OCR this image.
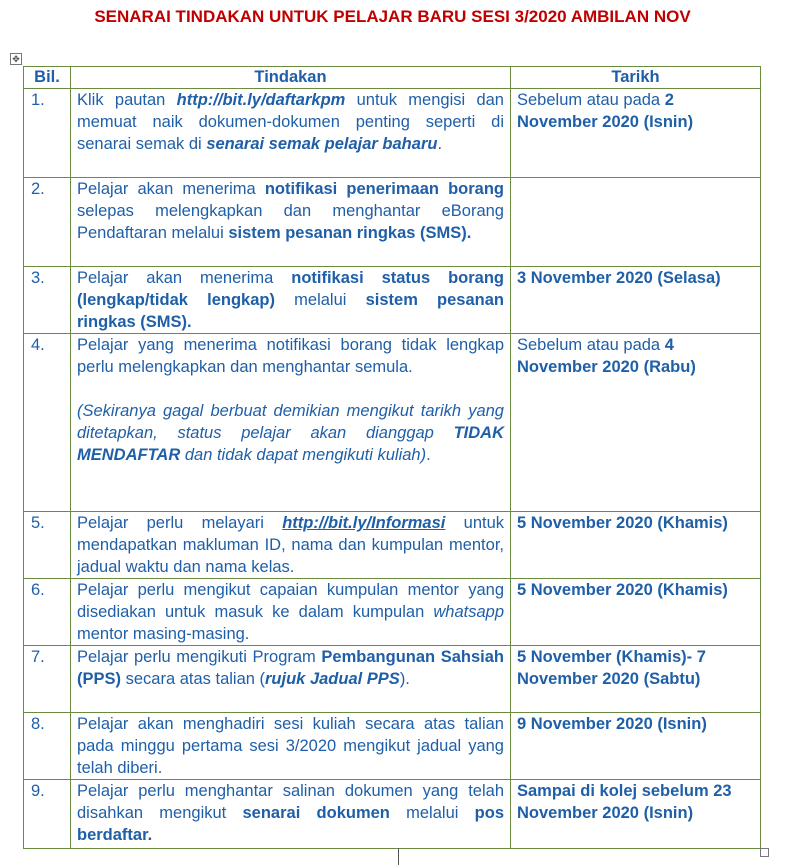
SENARAI TINDAKAN UNTUK PELAJAR BARU SESI 3/2020 AMBILAN NOV
✥
Bil.	Tindakan	Tarikh
1.	Klik pautan http://bit.ly/daftarkpm untuk mengisi dan memuat naik dokumen-dokumen penting seperti di senarai semak di senarai semak pelajar baharu.	Sebelum atau pada 2 November 2020 (Isnin)
2.	Pelajar akan menerima notifikasi penerimaan borang selepas melengkapkan dan menghantar eBorang Pendaftaran melalui sistem pesanan ringkas (SMS).	
3.	Pelajar akan menerima notifikasi status borang (lengkap/tidak lengkap) melalui sistem pesanan ringkas (SMS).	3 November 2020 (Selasa)
4.	Pelajar yang menerima notifikasi borang tidak lengkap perlu melengkapkan dan menghantar semula.
(Sekiranya gagal berbuat demikian mengikut tarikh yang ditetapkan, status pelajar akan dianggap TIDAK MENDAFTAR dan tidak dapat mengikuti kuliah).	Sebelum atau pada 4 November 2020 (Rabu)
5.	Pelajar perlu melayari http://bit.ly/Informasi untuk mendapatkan makluman ID, nama dan kumpulan mentor, jadual waktu dan nama kelas.	5 November 2020 (Khamis)
6.	Pelajar perlu mengikut capaian kumpulan mentor yang disediakan untuk masuk ke dalam kumpulan whatsapp mentor masing-masing.	5 November 2020 (Khamis)
7.	Pelajar perlu mengikuti Program Pembangunan Sahsiah (PPS) secara atas talian (rujuk Jadual PPS).	5 November (Khamis)- 7 November 2020 (Sabtu)
8.	Pelajar akan menghadiri sesi kuliah secara atas talian pada minggu pertama sesi 3/2020 mengikut jadual yang telah diberi.	9 November 2020 (Isnin)
9.	Pelajar perlu menghantar salinan dokumen yang telah disahkan mengikut senarai dokumen melalui pos berdaftar.	Sampai di kolej sebelum 23 November 2020 (Isnin)
